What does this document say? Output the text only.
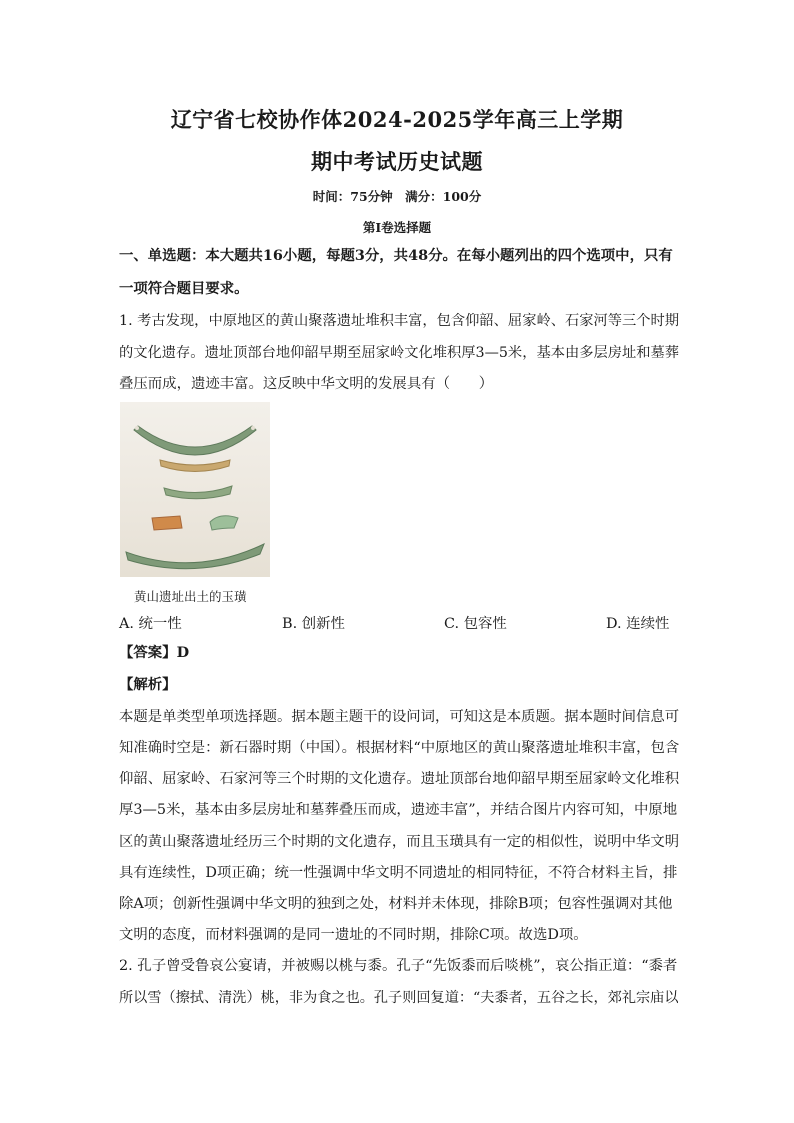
辽宁省七校协作体2024-2025学年高三上学期
期中考试历史试题
时间：75分钟　满分：100分
第I卷选择题
一、单选题：本大题共16小题，每题3分，共48分。在每小题列出的四个选项中，只有
一项符合题目要求。
1. 考古发现，中原地区的黄山聚落遗址堆积丰富，包含仰韶、屈家岭、石家河等三个时期
的文化遗存。遗址顶部台地仰韶早期至屈家岭文化堆积厚3—5米，基本由多层房址和墓葬
叠压而成，遗迹丰富。这反映中华文明的发展具有（　　）
黄山遗址出土的玉璜
A. 统一性	B. 创新性	C. 包容性	D. 连续性
【答案】D
【解析】
本题是单类型单项选择题。据本题主题干的设问词，可知这是本质题。据本题时间信息可
知准确时空是：新石器时期（中国）。根据材料“中原地区的黄山聚落遗址堆积丰富，包含
仰韶、屈家岭、石家河等三个时期的文化遗存。遗址顶部台地仰韶早期至屈家岭文化堆积
厚3—5米，基本由多层房址和墓葬叠压而成，遗迹丰富”，并结合图片内容可知，中原地
区的黄山聚落遗址经历三个时期的文化遗存，而且玉璜具有一定的相似性，说明中华文明
具有连续性，D项正确；统一性强调中华文明不同遗址的相同特征，不符合材料主旨，排
除A项；创新性强调中华文明的独到之处，材料并未体现，排除B项；包容性强调对其他
文明的态度，而材料强调的是同一遗址的不同时期，排除C项。故选D项。
2. 孔子曾受鲁哀公宴请，并被赐以桃与黍。孔子“先饭黍而后啖桃”，哀公指正道：“黍者
所以雪（擦拭、清洗）桃，非为食之也。孔子则回复道：“夫黍者，五谷之长，郊礼宗庙以
